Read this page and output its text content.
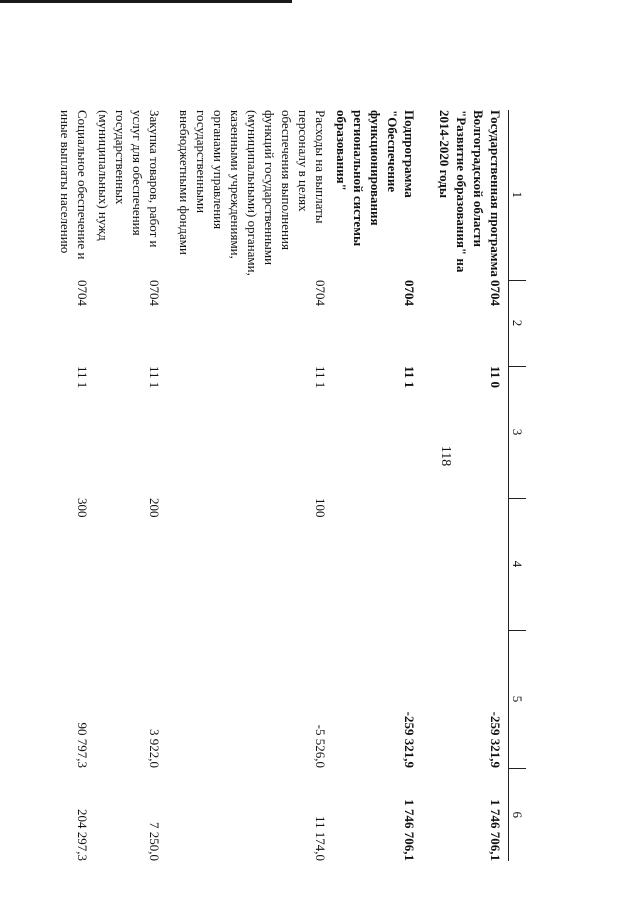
118
1	2	3	4	5	6
Государственная программа Волгоградской области "Развитие образования" на 2014-2020 годы	0704	11 0		-259 321,9	1 746 706,1
Подпрограмма "Обеспечение функционирования региональной системы образования"	0704	11 1		-259 321,9	1 746 706,1
Расходы на выплаты персоналу в целях обеспечения выполнения функций государственными (муниципальными) органами, казенными учреждениями, органами управления государственными внебюджетными фондами	0704	11 1	100	-5 526,0	11 174,0
Закупка товаров, работ и услуг для обеспечения государственных (муниципальных) нужд	0704	11 1	200	3 922,0	7 250,0
Социальное обеспечение и иные выплаты населению	0704	11 1	300	90 797,3	204 297,3
